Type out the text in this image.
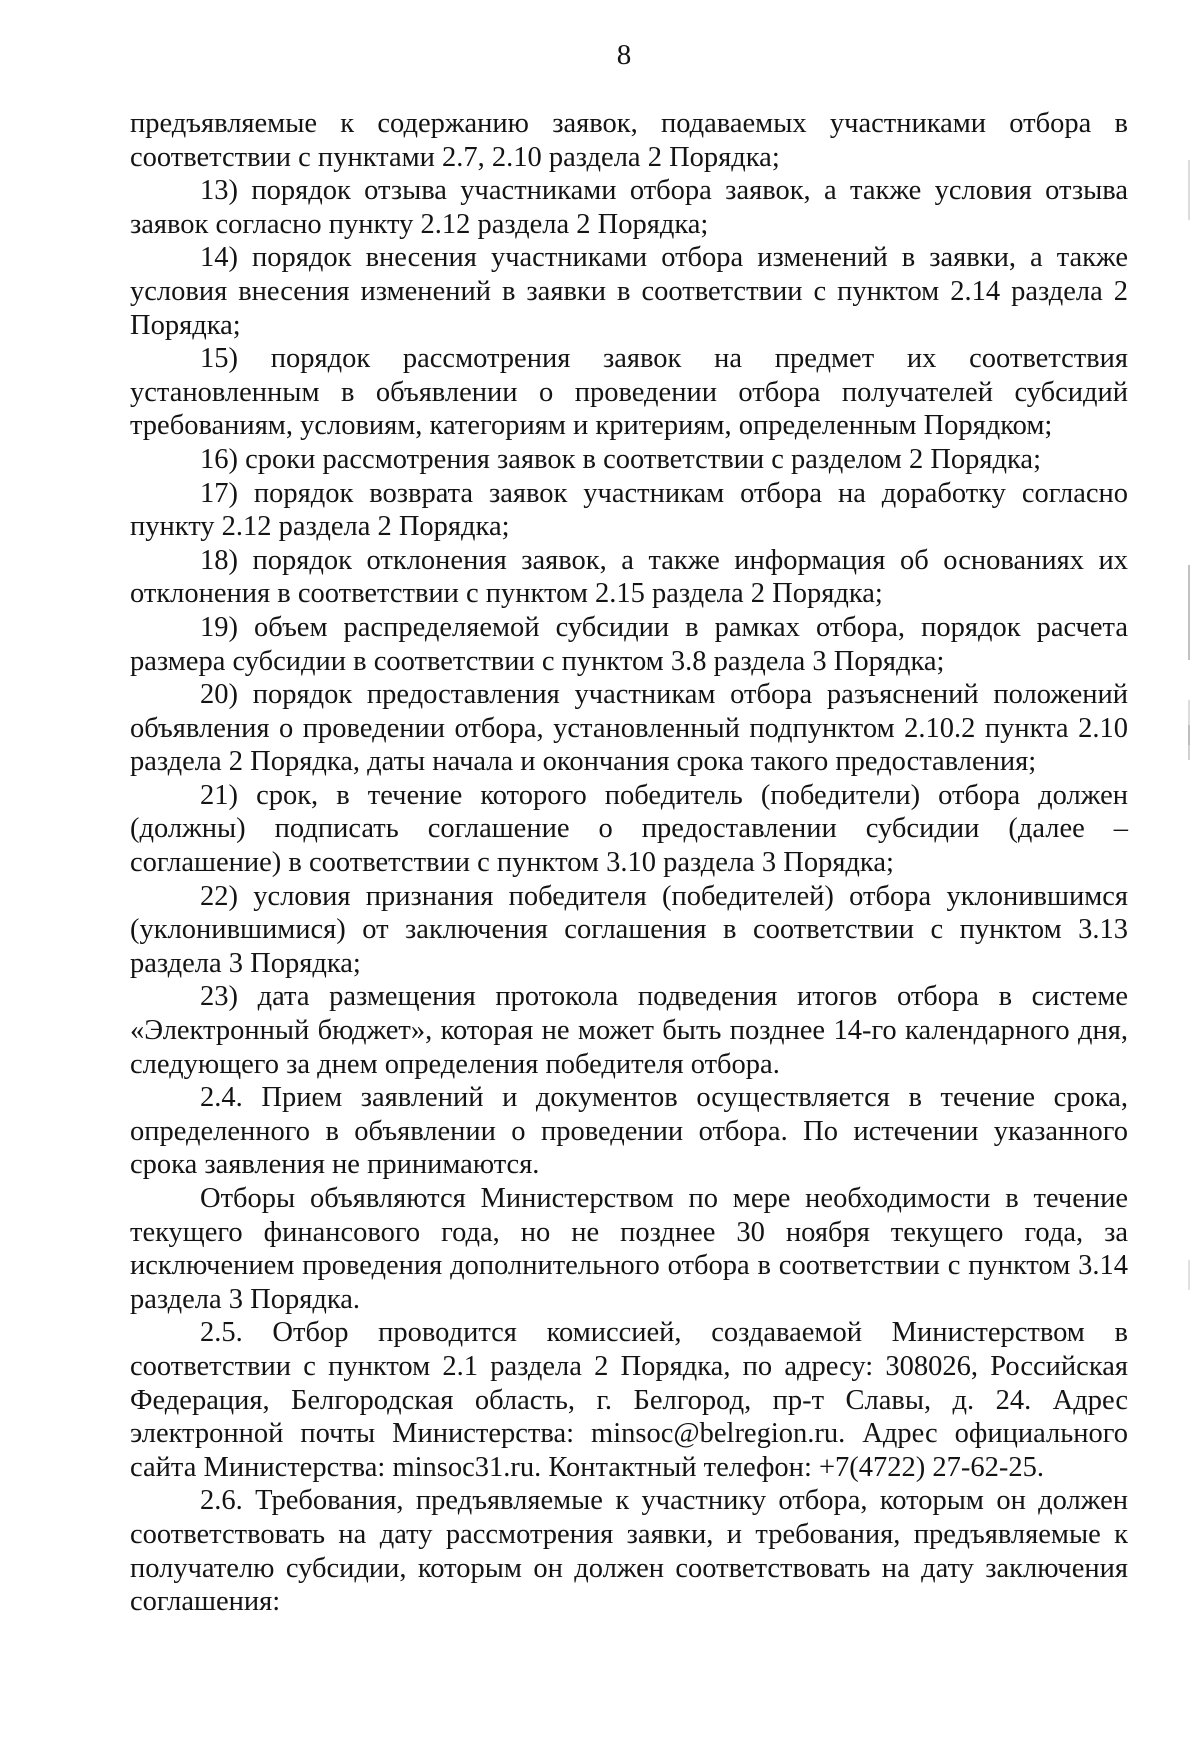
8

предъявляемые к содержанию заявок, подаваемых участниками отбора в соответствии с пунктами 2.7, 2.10 раздела 2 Порядка;

13) порядок отзыва участниками отбора заявок, а также условия отзыва заявок согласно пункту 2.12 раздела 2 Порядка;

14) порядок внесения участниками отбора изменений в заявки, а также условия внесения изменений в заявки в соответствии с пунктом 2.14 раздела 2 Порядка;

15) порядок рассмотрения заявок на предмет их соответствия установленным в объявлении о проведении отбора получателей субсидий требованиям, условиям, категориям и критериям, определенным Порядком;

16) сроки рассмотрения заявок в соответствии с разделом 2 Порядка;

17) порядок возврата заявок участникам отбора на доработку согласно пункту 2.12 раздела 2 Порядка;

18) порядок отклонения заявок, а также информация об основаниях их отклонения в соответствии с пунктом 2.15 раздела 2 Порядка;

19) объем распределяемой субсидии в рамках отбора, порядок расчета размера субсидии в соответствии с пунктом 3.8 раздела 3 Порядка;

20) порядок предоставления участникам отбора разъяснений положений объявления о проведении отбора, установленный подпунктом 2.10.2 пункта 2.10 раздела 2 Порядка, даты начала и окончания срока такого предоставления;

21) срок, в течение которого победитель (победители) отбора должен (должны) подписать соглашение о предоставлении субсидии (далее – соглашение) в соответствии с пунктом 3.10 раздела 3 Порядка;

22) условия признания победителя (победителей) отбора уклонившимся (уклонившимися) от заключения соглашения в соответствии с пунктом 3.13 раздела 3 Порядка;

23) дата размещения протокола подведения итогов отбора в системе «Электронный бюджет», которая не может быть позднее 14-го календарного дня, следующего за днем определения победителя отбора.

2.4. Прием заявлений и документов осуществляется в течение срока, определенного в объявлении о проведении отбора. По истечении указанного срока заявления не принимаются.

Отборы объявляются Министерством по мере необходимости в течение текущего финансового года, но не позднее 30 ноября текущего года, за исключением проведения дополнительного отбора в соответствии с пунктом 3.14 раздела 3 Порядка.

2.5. Отбор проводится комиссией, создаваемой Министерством в соответствии с пунктом 2.1 раздела 2 Порядка, по адресу: 308026, Российская Федерация, Белгородская область, г. Белгород, пр-т Славы, д. 24. Адрес электронной почты Министерства: minsoc@belregion.ru. Адрес официального сайта Министерства: minsoc31.ru. Контактный телефон: +7(4722) 27-62-25.

2.6. Требования, предъявляемые к участнику отбора, которым он должен соответствовать на дату рассмотрения заявки, и требования, предъявляемые к получателю субсидии, которым он должен соответствовать на дату заключения соглашения:
